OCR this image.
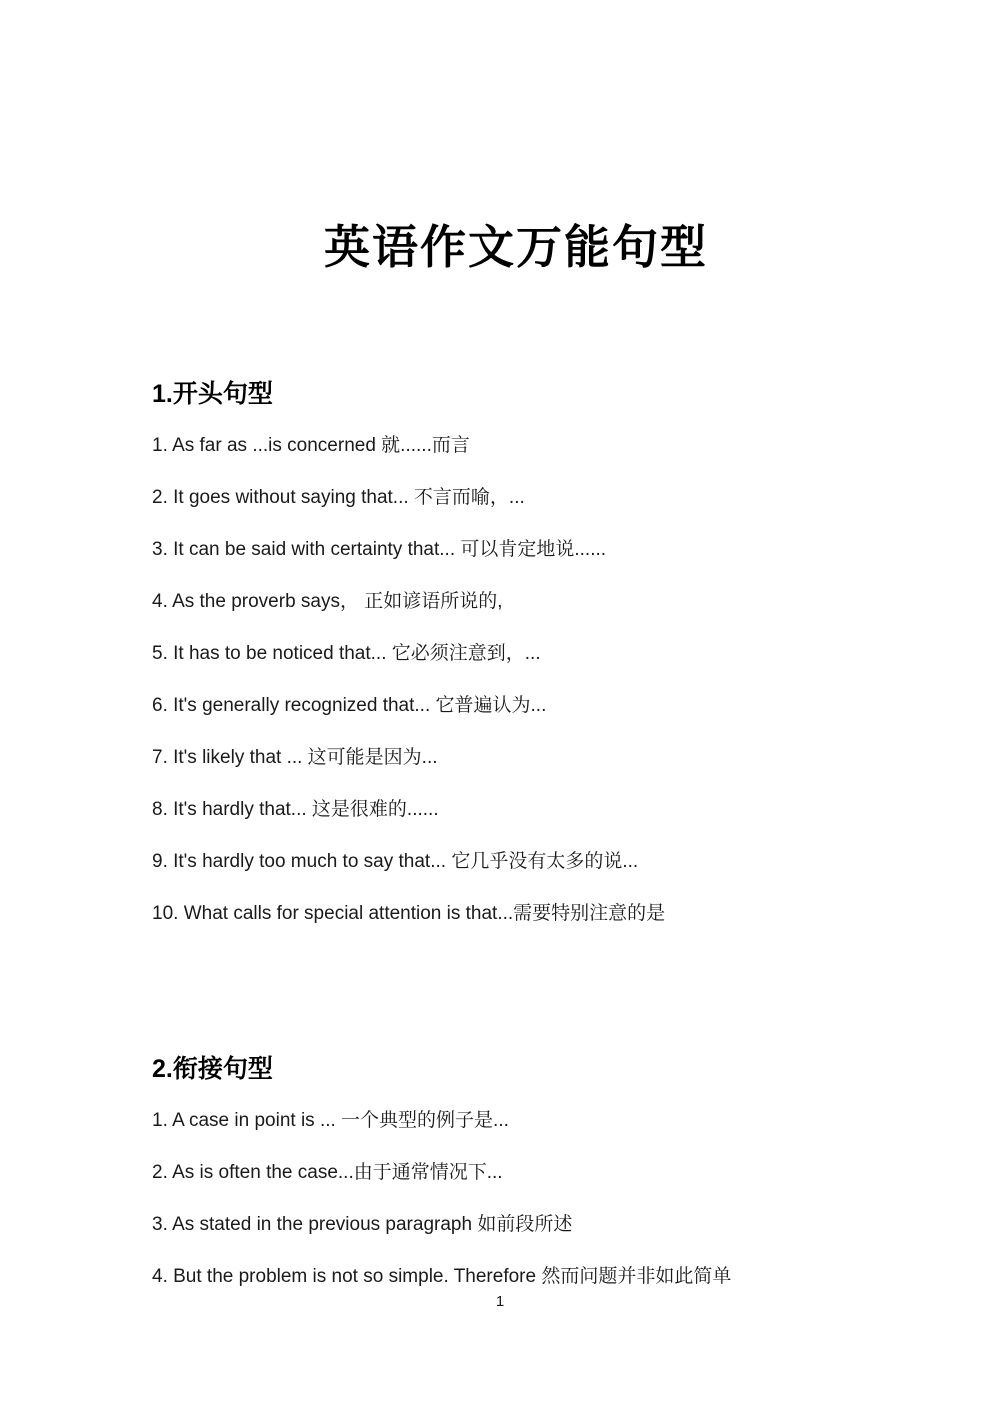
英语作文万能句型
1.开头句型

1. As far as ...is concerned 就......而言

2. It goes without saying that... 不言而喻，...

3. It can be said with certainty that... 可以肯定地说......

4. As the proverb says， 正如谚语所说的,

5. It has to be noticed that... 它必须注意到，...

6. It's generally recognized that... 它普遍认为...

7. It's likely that ... 这可能是因为...

8. It's hardly that... 这是很难的......

9. It's hardly too much to say that... 它几乎没有太多的说...

10. What calls for special attention is that...需要特别注意的是

2.衔接句型

1. A case in point is ... 一个典型的例子是...

2. As is often the case...由于通常情况下...

3. As stated in the previous paragraph 如前段所述

4. But the problem is not so simple. Therefore 然而问题并非如此简单

1
